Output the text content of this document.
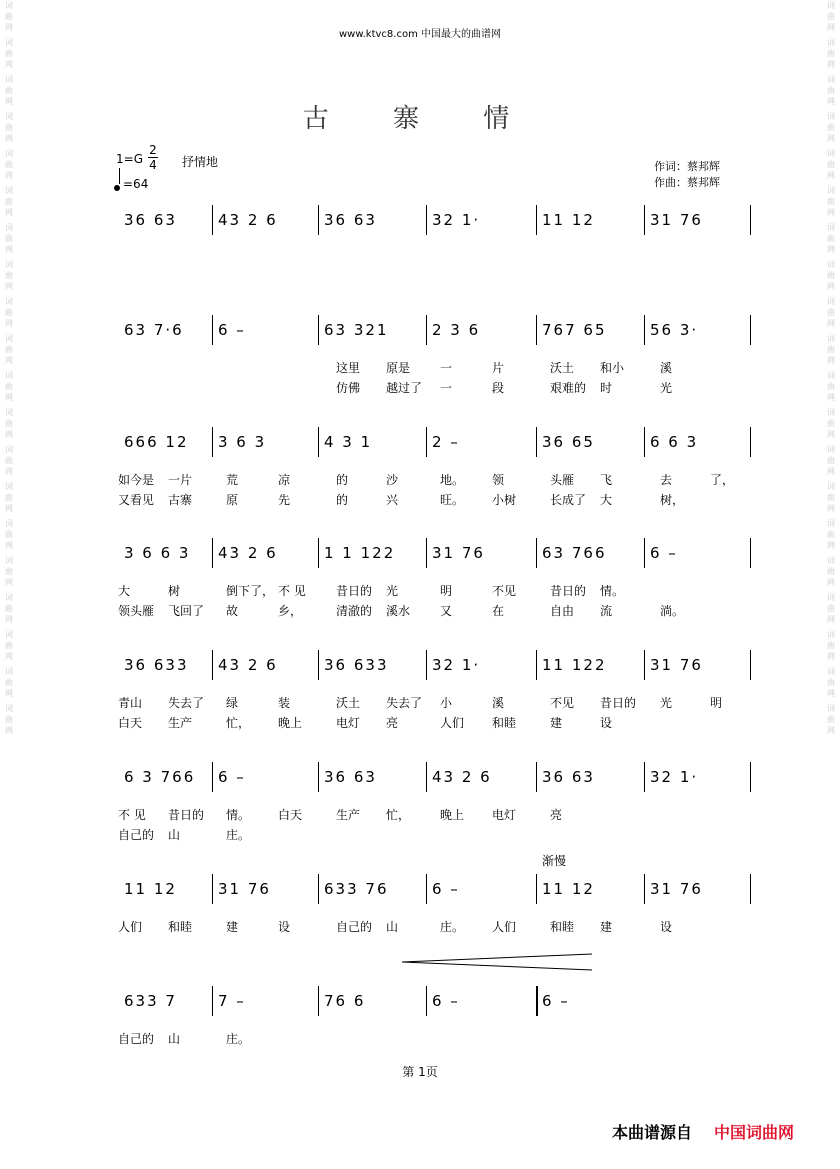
词
曲
网
词
曲
网
词
曲
网
词
曲
网
词
曲
网
词
曲
网
词
曲
网
词
曲
网
词
曲
网
词
曲
网
词
曲
网
词
曲
网
词
曲
网
词
曲
网
词
曲
网
词
曲
网
词
曲
网
词
曲
网
词
曲
网
词
曲
网
词
曲
网
词
曲
网
词
曲
网
词
曲
网
词
曲
网
词
曲
网
词
曲
网
词
曲
网
词
曲
网
词
曲
网
词
曲
网
词
曲
网
词
曲
网
词
曲
网
词
曲
网
词
曲
网
词
曲
网
词
曲
网
词
曲
网
词
曲
网
www.ktvc8.com 中国最大的曲谱网
古 寨 情
1=G
2
4 抒情地
=64
作词：蔡邦辉
作曲：蔡邦辉
36 63	43 2 6	36 63	32 1·	11 12	31 76
63 7·6 6 –	63 321	2 3 6	767 65	56 3·
这里 原是 一	片	沃土 和小	溪
仿佛 越过了 一	段	艰难的 时	光
666 12 3 6 3	4 3 1	2 –	36 65	6 6 3
如今是 一片	荒	凉	的	沙	地。 领	头雁 飞	去	了，
又看见 古寨	原	先	的	兴	旺。 小树	长成了 大	树，
3 6 6 3 43 2 6	1 1 122 31 76	63 766	6 –
大	树	倒下了， 不 见	昔日的 光	明	不见	昔日的 情。
领头雁 飞回了 故	乡，	清澈的 溪水 又	在	自由 流	淌。
36 633 43 2 6	36 633	32 1·	11 122	31 76
青山 失去了 绿	装	沃土 失去了 小	溪	不见 昔日的 光	明
白天 生产	忙， 晚上	电灯 亮	人们 和睦	建	设
6 3 766 6 –	36 63	43 2 6	36 63	32 1·
不 见 昔日的 情。 白天	生产 忙， 晚上 电灯	亮
自己的 山	庄。
11 12	31 76	633 76	6 –	11 12	31 76
人们 和睦	建	设	自己的 山	庄。 人们	和睦 建	设
渐慢
633 7	7 –	76 6	6 –	6 –
自己的 山	庄。
第 1页
本曲谱源自 中国词曲网
